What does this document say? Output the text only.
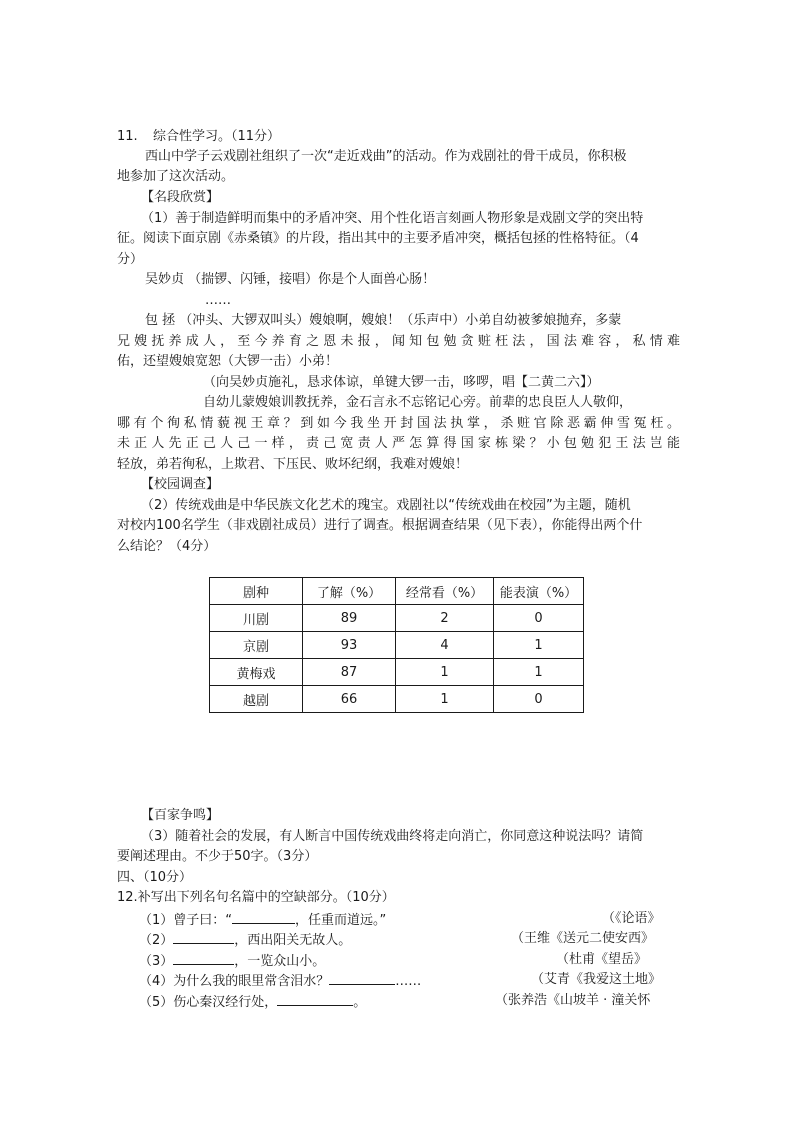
11. 综合性学习。（11分）
西山中学子云戏剧社组织了一次“走近戏曲”的活动。作为戏剧社的骨干成员，你积极
地参加了这次活动。
【名段欣赏】
（1）善于制造鲜明而集中的矛盾冲突、用个性化语言刻画人物形象是戏剧文学的突出特
征。阅读下面京剧《赤桑镇》的片段，指出其中的主要矛盾冲突，概括包拯的性格特征。（4
分）
吴妙贞 （揣锣、闪锤，接唱）你是个人面兽心肠！
……
包 拯 （冲头、大锣双叫头）嫂娘啊，嫂娘！（乐声中）小弟自幼被爹娘抛弃，多蒙
兄嫂抚养成人，至今养育之恩未报，闻知包勉贪赃枉法，国法难容，私情难
佑，还望嫂娘宽恕（大锣一击）小弟！
（向吴妙贞施礼，恳求体谅，单键大锣一击，哆啰，唱【二黄二六】）
自幼儿蒙嫂娘训教抚养，金石言永不忘铭记心旁。前辈的忠良臣人人敬仰，
哪有个徇私情藐视王章？到如今我坐开封国法执掌，杀赃官除恶霸伸雪冤枉。
未正人先正己人己一样，责己宽责人严怎算得国家栋梁？小包勉犯王法岂能
轻放，弟若徇私，上欺君、下压民、败坏纪纲，我难对嫂娘！
【校园调查】
（2）传统戏曲是中华民族文化艺术的瑰宝。戏剧社以“传统戏曲在校园”为主题，随机
对校内100名学生（非戏剧社成员）进行了调查。根据调查结果（见下表），你能得出两个什
么结论？（4分）
剧种	了解（%）	经常看（%）	能表演（%）
川剧	89	2	0
京剧	93	4	1
黄梅戏	87	1	1
越剧	66	1	0
【百家争鸣】
（3）随着社会的发展，有人断言中国传统戏曲终将走向消亡，你同意这种说法吗？请简
要阐述理由。不少于50字。（3分）
四、（10分）
12.补写出下列名句名篇中的空缺部分。（10分）
（1）曾子曰：“	，任重而道远。”	（《论语》
（2）	，西出阳关无故人。	（王维《送元二使安西》
（3）	，一览众山小。	（杜甫《望岳》
（4）为什么我的眼里常含泪水？	……	（艾青《我爱这土地》
（5）伤心秦汉经行处，	。	（张养浩《山坡羊 · 潼关怀
